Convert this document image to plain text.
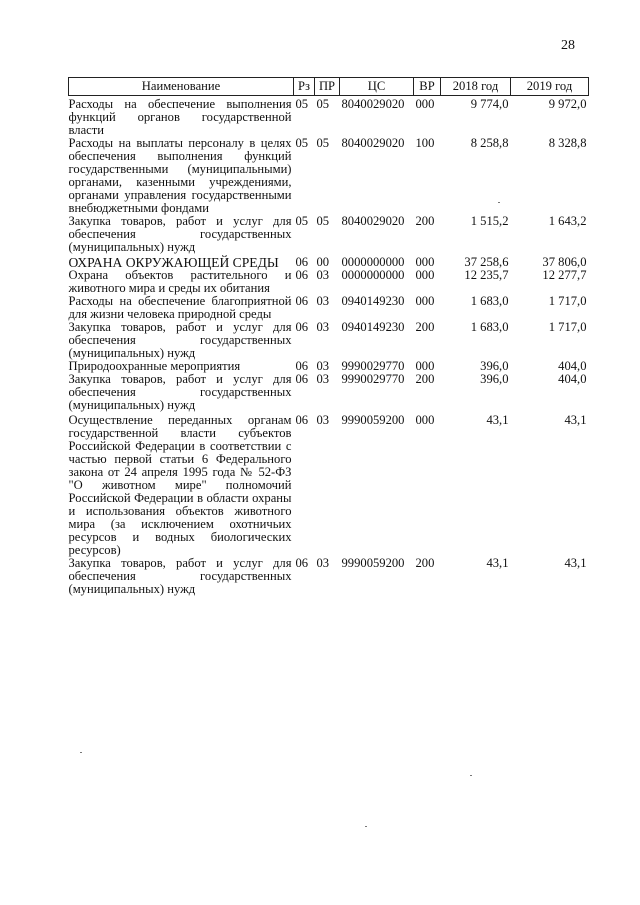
28
Наименование	Рз	ПР	ЦС	ВР	2018 год	2019 год
Расходы на обеспечение выполнения функций органов государственной власти	05	05	8040029020	000	9 774,0	9 972,0
Расходы на выплаты персоналу в целях обеспечения выполнения функций государственными (муниципальными) органами, казенными учреждениями, органами управления государственными внебюджетными фондами	05	05	8040029020	100	8 258,8	8 328,8
Закупка товаров, работ и услуг для обеспечения государственных (муниципальных) нужд	05	05	8040029020	200	1 515,2	1 643,2
ОХРАНА ОКРУЖАЮЩЕЙ СРЕДЫ	06	00	0000000000	000	37 258,6	37 806,0
Охрана объектов растительного и животного мира и среды их обитания	06	03	0000000000	000	12 235,7	12 277,7
Расходы на обеспечение благоприятной для жизни человека природной среды	06	03	0940149230	000	1 683,0	1 717,0
Закупка товаров, работ и услуг для обеспечения государственных (муниципальных) нужд	06	03	0940149230	200	1 683,0	1 717,0
Природоохранные мероприятия	06	03	9990029770	000	396,0	404,0
Закупка товаров, работ и услуг для обеспечения государственных (муниципальных) нужд	06	03	9990029770	200	396,0	404,0
Осуществление переданных органам государственной власти субъектов Российской Федерации в соответствии с частью первой статьи 6 Федерального закона от 24 апреля 1995 года № 52-ФЗ "О животном мире" полномочий Российской Федерации в области охраны и использования объектов животного мира (за исключением охотничьих ресурсов и водных биологических ресурсов)	06	03	9990059200	000	43,1	43,1
Закупка товаров, работ и услуг для обеспечения государственных (муниципальных) нужд	06	03	9990059200	200	43,1	43,1
